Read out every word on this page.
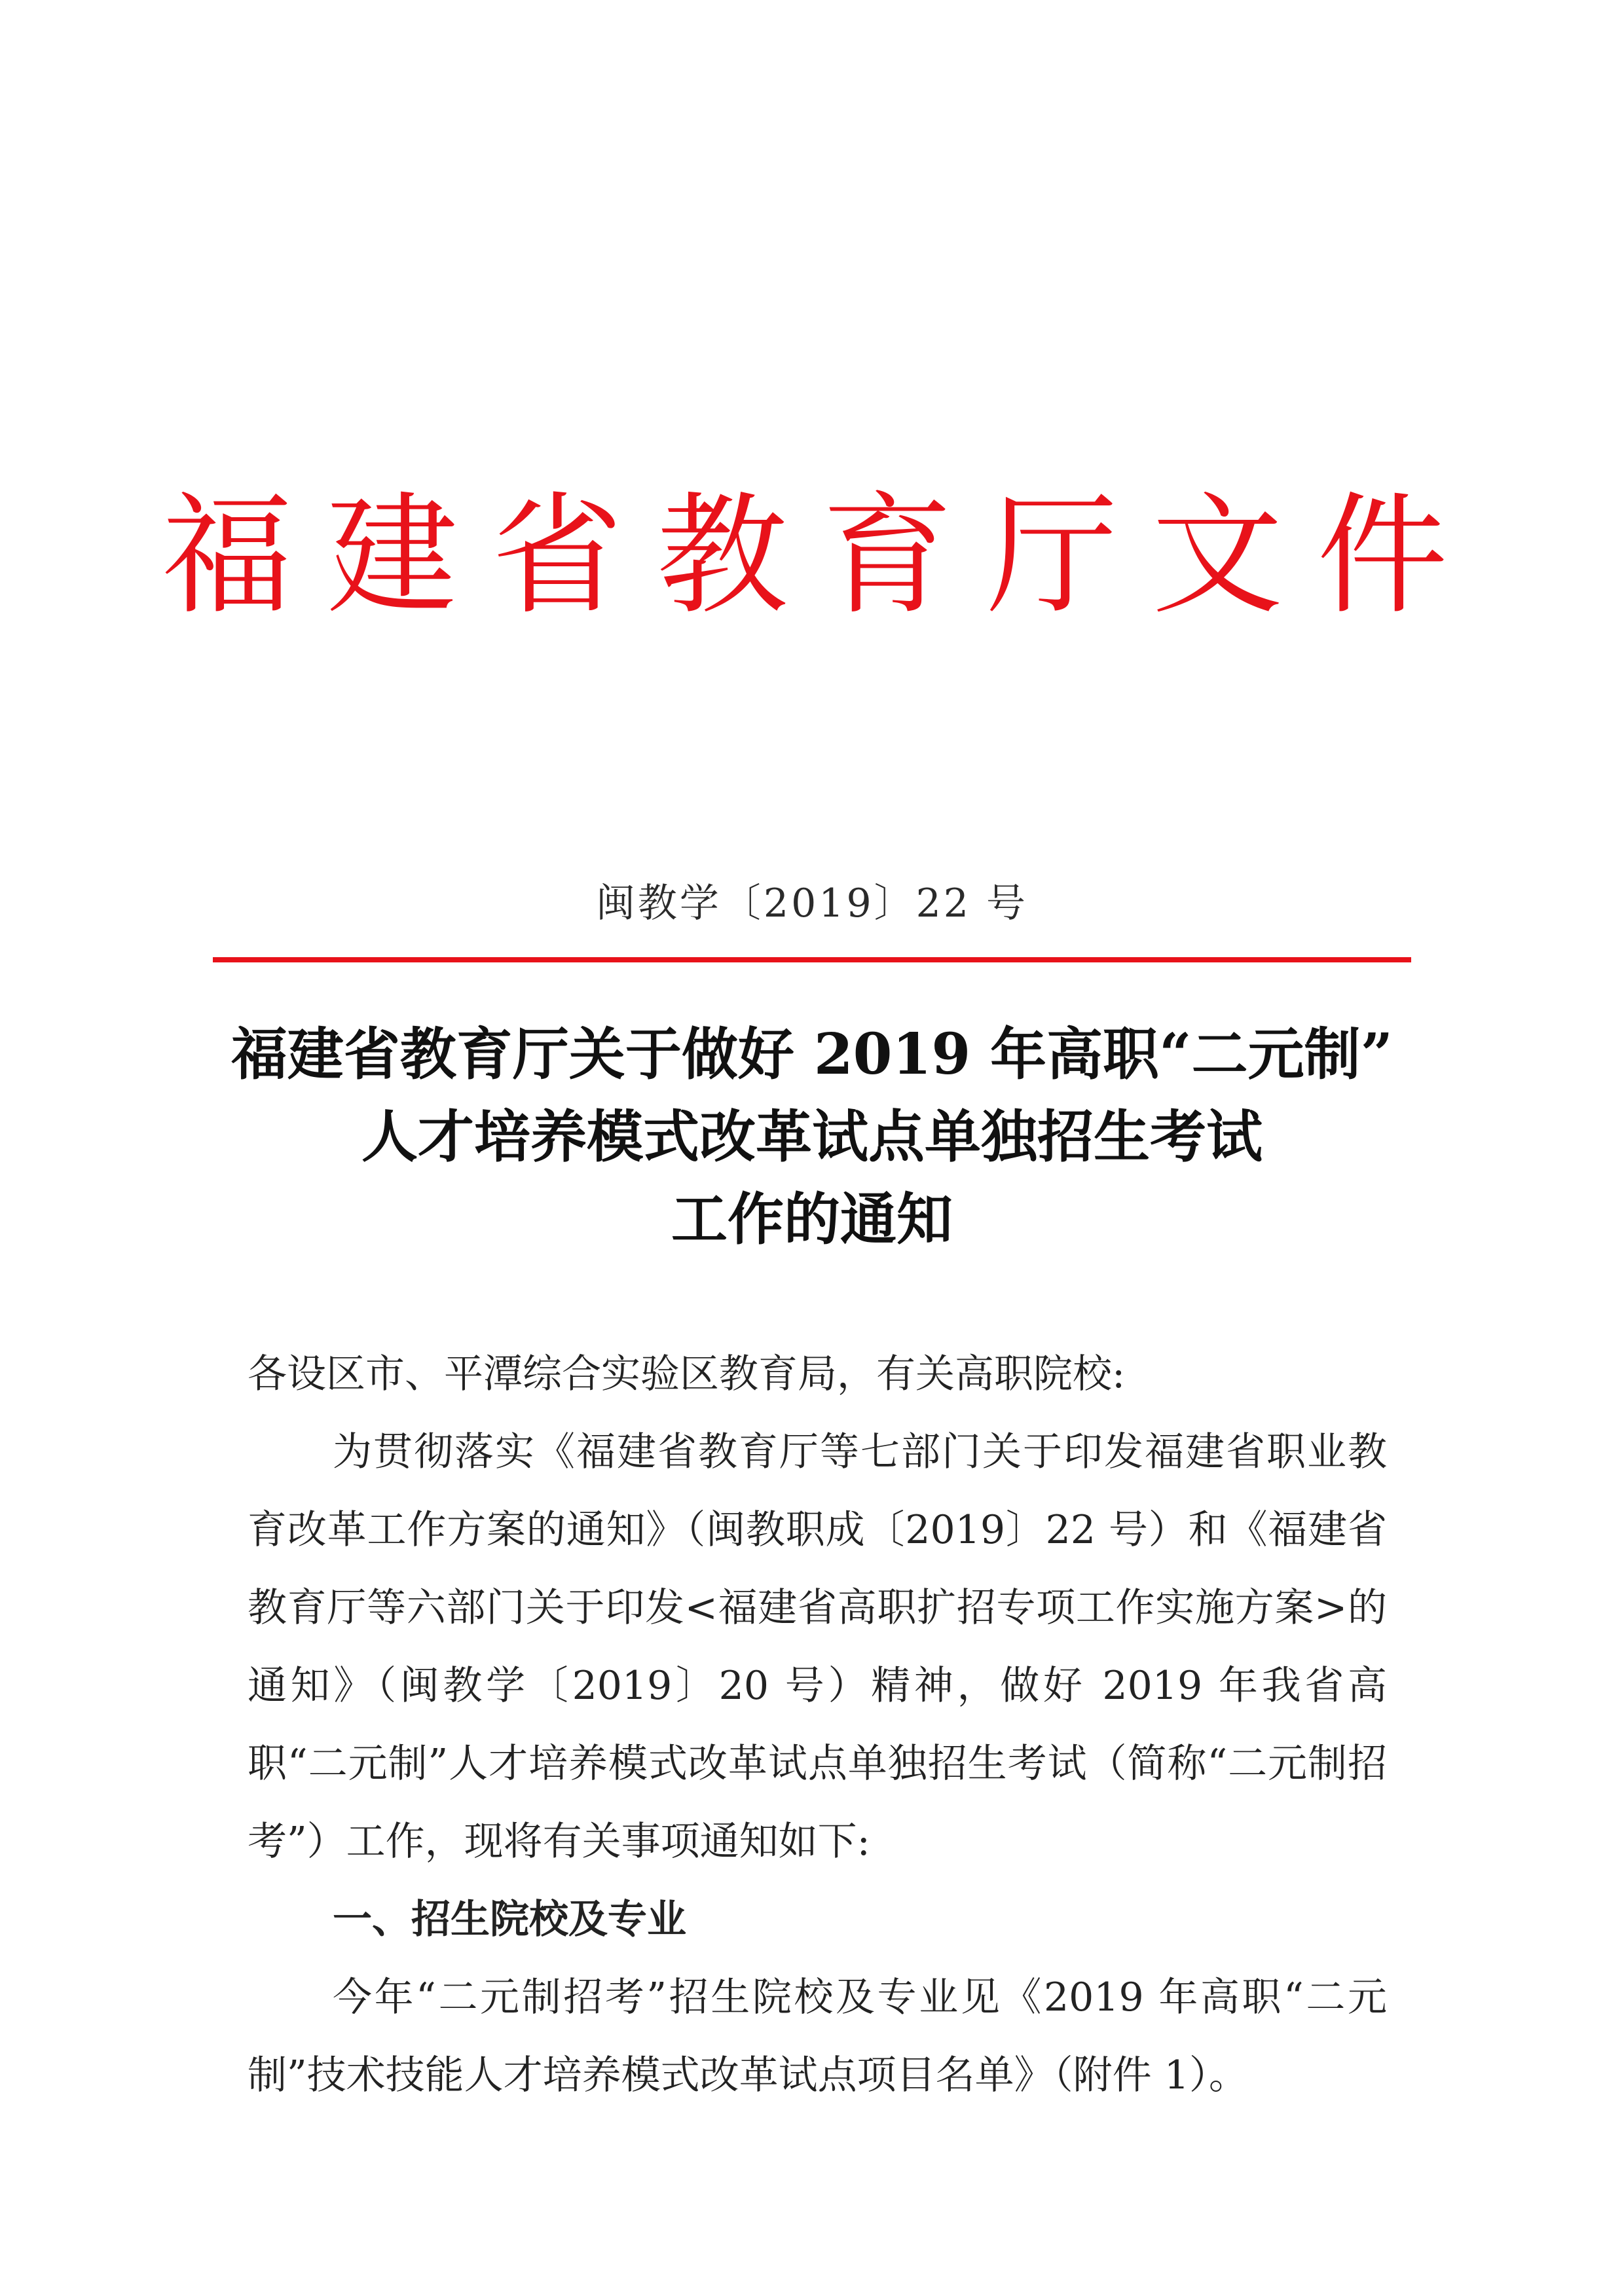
福建省教育厅文件
闽教学〔2019〕22 号
福建省教育厅关于做好 2019 年高职“二元制”
人才培养模式改革试点单独招生考试
工作的通知
各设区市、平潭综合实验区教育局，有关高职院校:

为贯彻落实《福建省教育厅等七部门关于印发福建省职业教育改革工作方案的通知》（闽教职成〔2019〕22 号）和《福建省教育厅等六部门关于印发<福建省高职扩招专项工作实施方案>的通知》（闽教学〔2019〕20 号）精神，做好 2019 年我省高职“二元制”人才培养模式改革试点单独招生考试（简称“二元制招考”）工作，现将有关事项通知如下:

一、招生院校及专业

今年“二元制招考”招生院校及专业见《2019 年高职“二元制”技术技能人才培养模式改革试点项目名单》（附件 1）。
